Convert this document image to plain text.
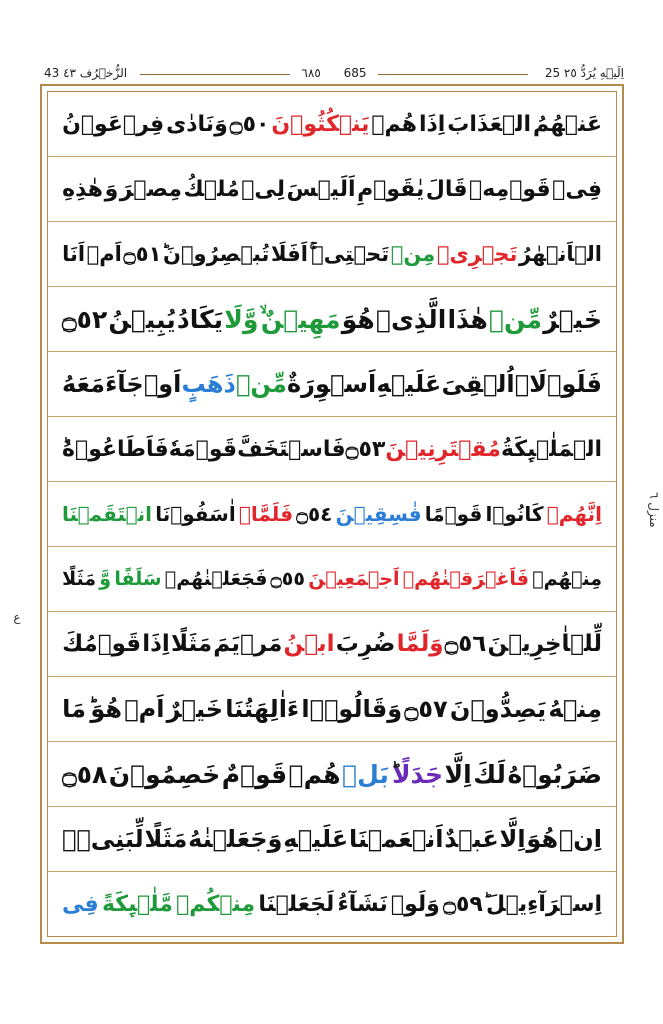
25 اِلَيۡهِ يُرَدُّ ٢٥
٦٨٥ 685
43 الزُّخۡرُف ٤٣
عَنۡهُمُ
الۡعَذَابَ
اِذَا
هُمۡ
يَنۡكُثُوۡنَ
۝٥٠
وَنَادٰى
فِرۡعَوۡنُ
فِىۡ
قَوۡمِهٖ
قَالَ
يٰقَوۡمِ
اَلَيۡسَ
لِىۡ
مُلۡكُ
مِصۡرَ
وَ
هٰذِهِ
الۡاَنۡهٰرُ
تَجۡرِىۡ
مِنۡ
تَحۡتِىۡ
اَفَلَا
تُبۡصِرُوۡنَ
ؕ۝٥١
اَمۡ
اَنَا
خَيۡرٌ
مِّنۡ
هٰذَا
الَّذِىۡ
هُوَ
مَهِيۡنٌ
وَّلَا
يَكَادُ
يُبِيۡنُ
۝٥٢
فَلَوۡلَاۤ
اُلۡقِىَ
عَلَيۡهِ
اَسۡوِرَةٌ
مِّنۡ
ذَهَبٍ
اَوۡ
جَآءَ
مَعَهُ
الۡمَلٰۤٮِٕكَةُ
مُقۡتَرِنِيۡنَ
۝٥٣
فَاسۡتَخَفَّ
قَوۡمَهٗ
فَاَطَاعُوۡهُ
اِنَّهُمۡ
كَانُوۡا
قَوۡمًا
فٰسِقِيۡنَ
۝٥٤
فَلَمَّاۤ
اٰسَفُوۡنَا
انۡتَقَمۡنَا
مِنۡهُمۡ
فَاَغۡرَقۡنٰهُمۡ
اَجۡمَعِيۡنَ
۝٥٥
فَجَعَلۡنٰهُمۡ
سَلَفًا
وَّ
مَثَلًا
لِّلۡاٰخِرِيۡنَ
۝٥٦
وَلَمَّا
ضُرِبَ
ابۡنُ
مَرۡيَمَ
مَثَلًا
اِذَا
قَوۡمُكَ
مِنۡهُ
يَصِدُّوۡنَ
۝٥٧
وَقَالُوۡۤا
ءَاٰلِهَتُنَا
خَيۡرٌ
اَمۡ
هُوَ
مَا
ضَرَبُوۡهُ
لَكَ
اِلَّا
جَدَلًا
بَلۡ
هُمۡ
قَوۡمٌ
خَصِمُوۡنَ
۝٥٨
اِنۡ
هُوَ
اِلَّا
عَبۡدٌ
اَنۡعَمۡنَا
عَلَيۡهِ
وَجَعَلۡنٰهُ
مَثَلًا
لِّبَنِىۡۤ
اِسۡرَآءِيۡلَ
ؕ۝٥٩
وَلَوۡ
نَشَآءُ
لَجَعَلۡنَا
مِنۡكُمۡ
مَّلٰۤٮِٕكَةً
فِى
منزل ٦
ع
